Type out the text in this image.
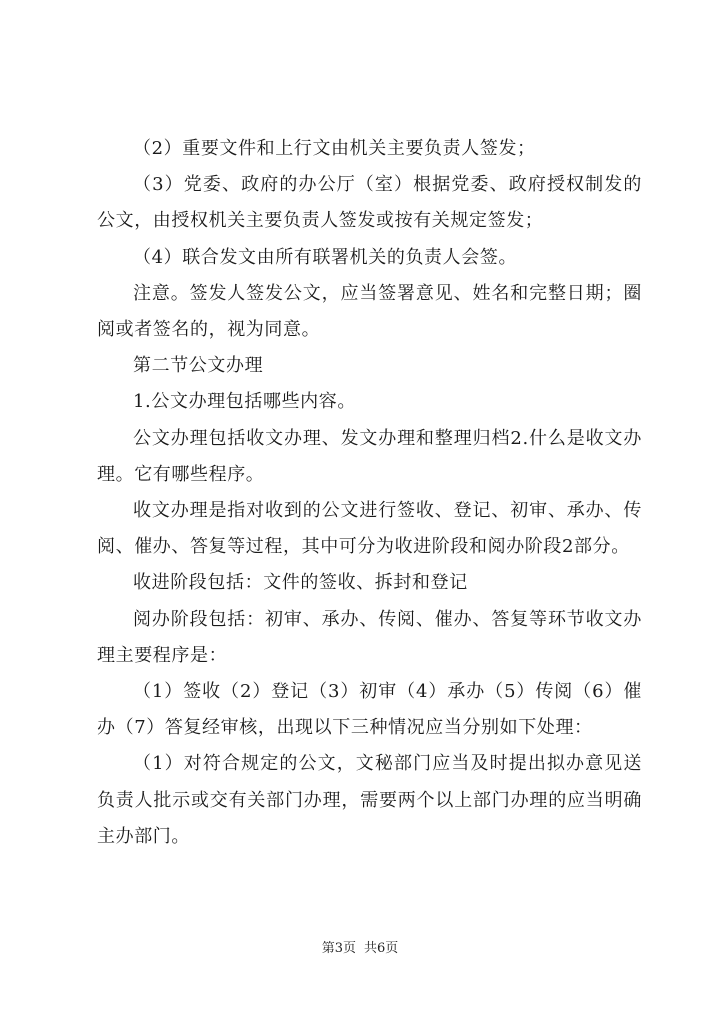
（2）重要文件和上行文由机关主要负责人签发；

（3）党委、政府的办公厅（室）根据党委、政府授权制发的公文，由授权机关主要负责人签发或按有关规定签发；

（4）联合发文由所有联署机关的负责人会签。

注意。签发人签发公文，应当签署意见、姓名和完整日期；圈阅或者签名的，视为同意。

第二节公文办理

1.公文办理包括哪些内容。

公文办理包括收文办理、发文办理和整理归档2.什么是收文办理。它有哪些程序。

收文办理是指对收到的公文进行签收、登记、初审、承办、传阅、催办、答复等过程，其中可分为收进阶段和阅办阶段2部分。

收进阶段包括：文件的签收、拆封和登记

阅办阶段包括：初审、承办、传阅、催办、答复等环节收文办理主要程序是：

（1）签收（2）登记（3）初审（4）承办（5）传阅（6）催办（7）答复经审核，出现以下三种情况应当分别如下处理：

（1）对符合规定的公文，文秘部门应当及时提出拟办意见送负责人批示或交有关部门办理，需要两个以上部门办理的应当明确主办部门。

第3页 共6页
